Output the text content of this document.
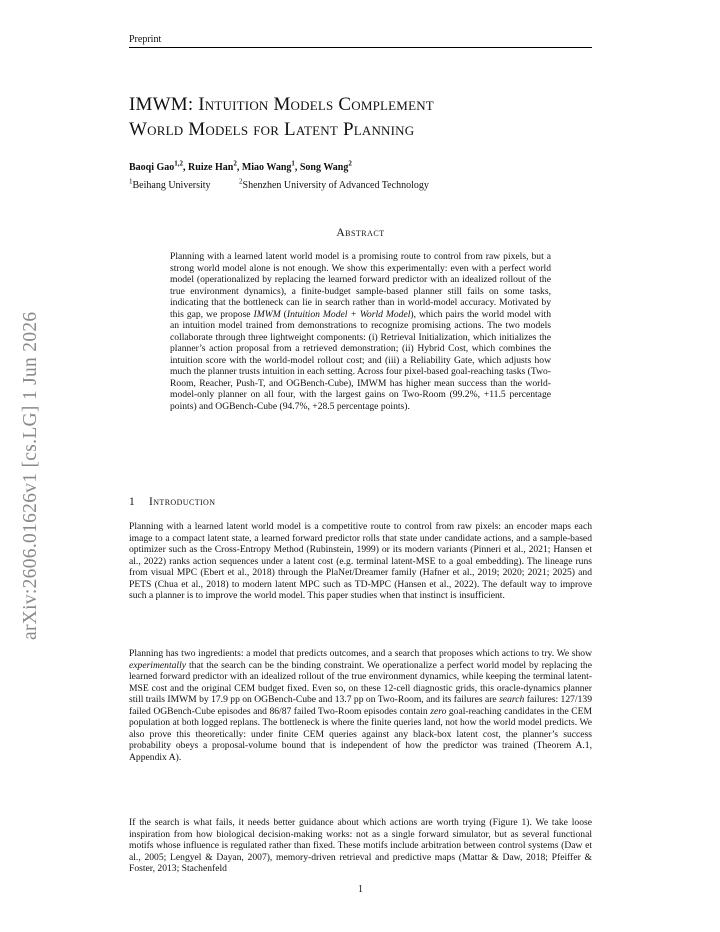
Preprint
arXiv:2606.01626v1 [cs.LG] 1 Jun 2026
IMWM: Intuition Models Complement
World Models for Latent Planning
Baoqi Gao$^{1,2}$, Ruize Han$^2$, Miao Wang$^1$, Song Wang$^2$
$^1$Beihang University	$^2$Shenzhen University of Advanced Technology
Abstract

Planning with a learned latent world model is a promising route to control from raw pixels, but a strong world model alone is not enough. We show this experimentally: even with a perfect world model (operationalized by replacing the learned forward predictor with an idealized rollout of the true environment dynamics), a finite-budget sample-based planner still fails on some tasks, indicating that the bottleneck can lie in search rather than in world-model accuracy. Motivated by this gap, we propose IMWM (Intuition Model + World Model), which pairs the world model with an intuition model trained from demonstrations to recognize promising actions. The two models collaborate through three lightweight components: (i) Retrieval Initialization, which initializes the planner’s action proposal from a retrieved demonstration; (ii) Hybrid Cost, which combines the intuition score with the world-model rollout cost; and (iii) a Reliability Gate, which adjusts how much the planner trusts intuition in each setting. Across four pixel-based goal-reaching tasks (Two-Room, Reacher, Push-T, and OGBench-Cube), IMWM has higher mean success than the world-model-only planner on all four, with the largest gains on Two-Room (99.2%, +11.5 percentage points) and OGBench-Cube (94.7%, +28.5 percentage points).

1 Introduction

Planning with a learned latent world model is a competitive route to control from raw pixels: an encoder maps each image to a compact latent state, a learned forward predictor rolls that state under candidate actions, and a sample-based optimizer such as the Cross-Entropy Method (Rubinstein, 1999) or its modern variants (Pinneri et al., 2021; Hansen et al., 2022) ranks action sequences under a latent cost (e.g. terminal latent-MSE to a goal embedding). The lineage runs from visual MPC (Ebert et al., 2018) through the PlaNet/Dreamer family (Hafner et al., 2019; 2020; 2021; 2025) and PETS (Chua et al., 2018) to modern latent MPC such as TD-MPC (Hansen et al., 2022). The default way to improve such a planner is to improve the world model. This paper studies when that instinct is insufficient.

Planning has two ingredients: a model that predicts outcomes, and a search that proposes which actions to try. We show experimentally that the search can be the binding constraint. We operationalize a perfect world model by replacing the learned forward predictor with an idealized rollout of the true environment dynamics, while keeping the terminal latent-MSE cost and the original CEM budget fixed. Even so, on these 12-cell diagnostic grids, this oracle-dynamics planner still trails IMWM by 17.9 pp on OGBench-Cube and 13.7 pp on Two-Room, and its failures are search failures: 127/139 failed OGBench-Cube episodes and 86/87 failed Two-Room episodes contain zero goal-reaching candidates in the CEM population at both logged replans. The bottleneck is where the finite queries land, not how the world model predicts. We also prove this theoretically: under finite CEM queries against any black-box latent cost, the planner’s success probability obeys a proposal-volume bound that is independent of how the predictor was trained (Theorem A.1, Appendix A).

If the search is what fails, it needs better guidance about which actions are worth trying (Figure 1). We take loose inspiration from how biological decision-making works: not as a single forward simulator, but as several functional motifs whose influence is regulated rather than fixed. These motifs include arbitration between control systems (Daw et al., 2005; Lengyel & Dayan, 2007), memory-driven retrieval and predictive maps (Mattar & Daw, 2018; Pfeiffer & Foster, 2013; Stachenfeld

1
